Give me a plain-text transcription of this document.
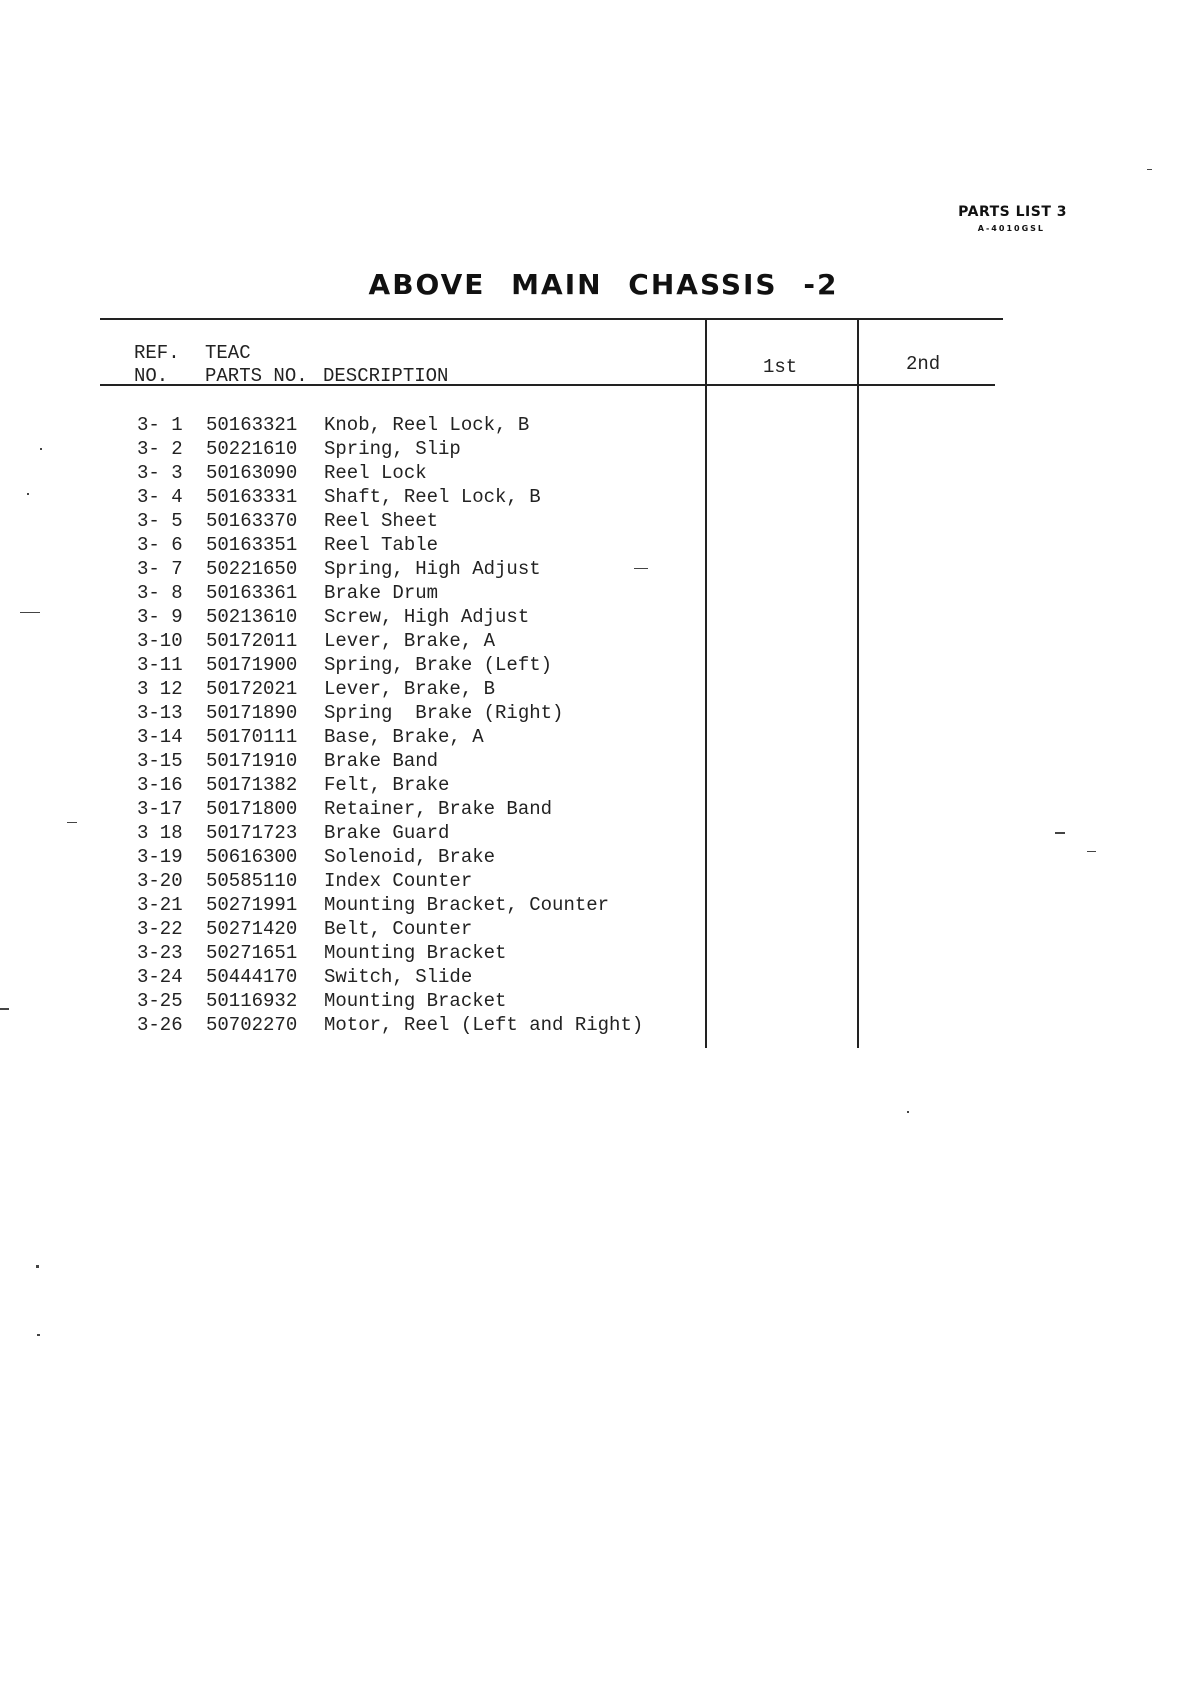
PARTS LIST 3
A-4010GSL
ABOVE MAIN CHASSIS -2
REF.
NO.
TEAC
PARTS NO. DESCRIPTION	1st	2nd
3- 1 50163321 Knob, Reel Lock, B
3- 2 50221610 Spring, Slip
3- 3 50163090 Reel Lock
3- 4 50163331 Shaft, Reel Lock, B
3- 5 50163370 Reel Sheet
3- 6 50163351 Reel Table
3- 7 50221650 Spring, High Adjust
3- 8 50163361 Brake Drum
3- 9 50213610 Screw, High Adjust
3-10 50172011 Lever, Brake, A
3-11 50171900 Spring, Brake (Left)
3 12 50172021 Lever, Brake, B
3-13 50171890 Spring  Brake (Right)
3-14 50170111 Base, Brake, A
3-15 50171910 Brake Band
3-16 50171382 Felt, Brake
3-17 50171800 Retainer, Brake Band
3 18 50171723 Brake Guard
3-19 50616300 Solenoid, Brake
3-20 50585110 Index Counter
3-21 50271991 Mounting Bracket, Counter
3-22 50271420 Belt, Counter
3-23 50271651 Mounting Bracket
3-24 50444170 Switch, Slide
3-25 50116932 Mounting Bracket
3-26 50702270 Motor, Reel (Left and Right)
